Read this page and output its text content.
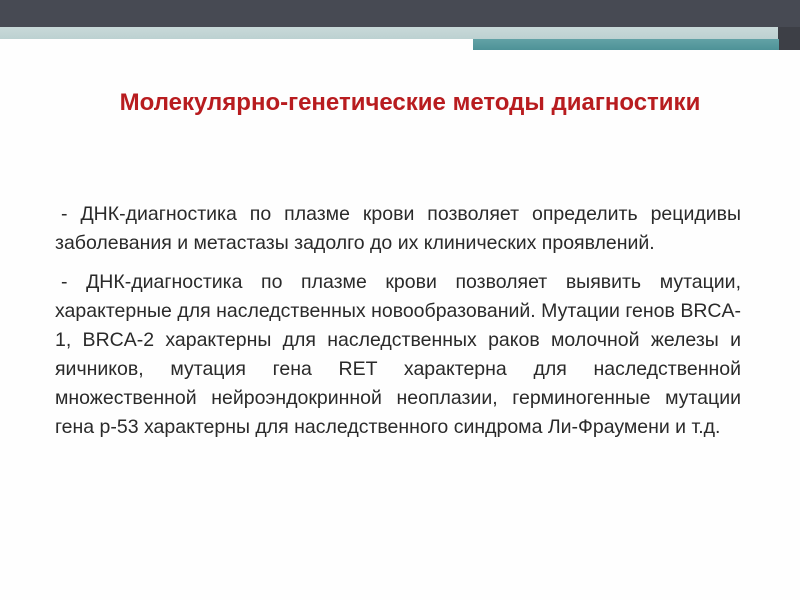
Молекулярно-генетические методы диагностики

- ДНК-диагностика по плазме крови позволяет определить рецидивы заболевания и метастазы задолго до их клинических проявлений.

- ДНК-диагностика по плазме крови позволяет выявить мутации, характерные для наследственных новообразований. Мутации генов BRCA-1, BRCA-2 характерны для наследственных раков молочной железы и яичников, мутация гена RET характерна для наследственной множественной нейроэндокринной неоплазии, герминогенные мутации гена р-53 характерны для наследственного синдрома Ли-Фраумени и т.д.
